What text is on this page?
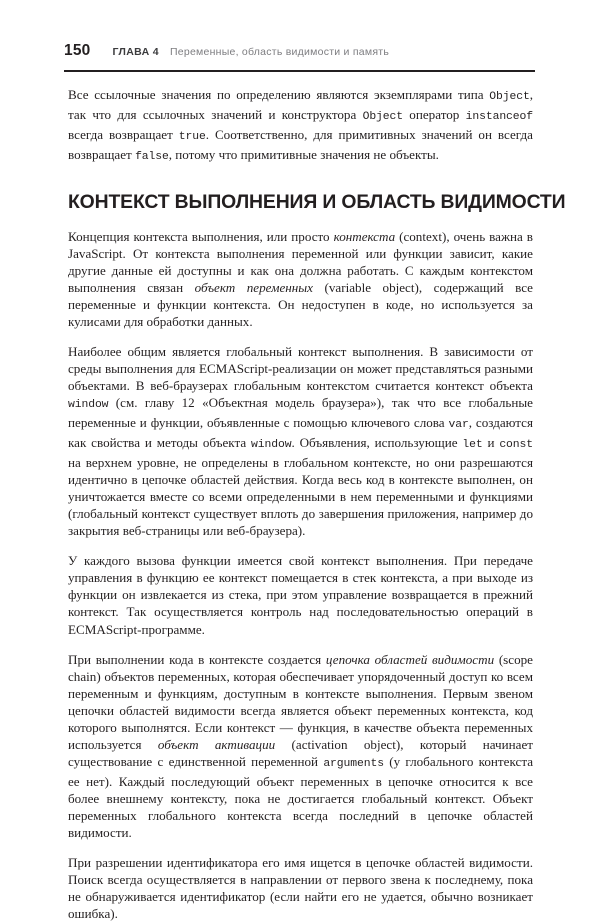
150 ГЛАВА 4 Переменные, область видимости и память

Все ссылочные значения по определению являются экземплярами типа Object, так что для ссылочных значений и конструктора Object оператор instanceof всегда возвращает true. Соответственно, для примитивных значений он всегда возвращает false, потому что примитивные значения не объекты.

КОНТЕКСТ ВЫПОЛНЕНИЯ И ОБЛАСТЬ ВИДИМОСТИ

Концепция контекста выполнения, или просто контекста (context), очень важна в JavaScript. От контекста выполнения переменной или функции зависит, какие другие данные ей доступны и как она должна работать. С каждым контекстом выполнения связан объект переменных (variable object), содержащий все переменные и функции контекста. Он недоступен в коде, но используется за кулисами для обработки данных.

Наиболее общим является глобальный контекст выполнения. В зависимости от среды выполнения для ECMAScript-реализации он может представляться разными объектами. В веб-браузерах глобальным контекстом считается контекст объекта window (см. главу 12 «Объектная модель браузера»), так что все глобальные переменные и функции, объявленные с помощью ключевого слова var, создаются как свойства и методы объекта window. Объявления, использующие let и const на верхнем уровне, не определены в глобальном контексте, но они разрешаются идентично в цепочке областей действия. Когда весь код в контексте выполнен, он уничтожается вместе со всеми определенными в нем переменными и функциями (глобальный контекст существует вплоть до завершения приложения, например до закрытия веб-страницы или веб-браузера).

У каждого вызова функции имеется свой контекст выполнения. При передаче управления в функцию ее контекст помещается в стек контекста, а при выходе из функции он извлекается из стека, при этом управление возвращается в прежний контекст. Так осуществляется контроль над последовательностью операций в ECMAScript-программе.

При выполнении кода в контексте создается цепочка областей видимости (scope chain) объектов переменных, которая обеспечивает упорядоченный доступ ко всем переменным и функциям, доступным в контексте выполнения. Первым звеном цепочки областей видимости всегда является объект переменных контекста, код которого выполнятся. Если контекст — функция, в качестве объекта переменных используется объект активации (activation object), который начинает существование с единственной переменной arguments (у глобального контекста ее нет). Каждый последующий объект переменных в цепочке относится к все более внешнему контексту, пока не достигается глобальный контекст. Объект переменных глобального контекста всегда последний в цепочке областей видимости.

При разрешении идентификатора его имя ищется в цепочке областей видимости. Поиск всегда осуществляется в направлении от первого звена к последнему, пока не обнаруживается идентификатор (если найти его не удается, обычно возникает ошибка).
